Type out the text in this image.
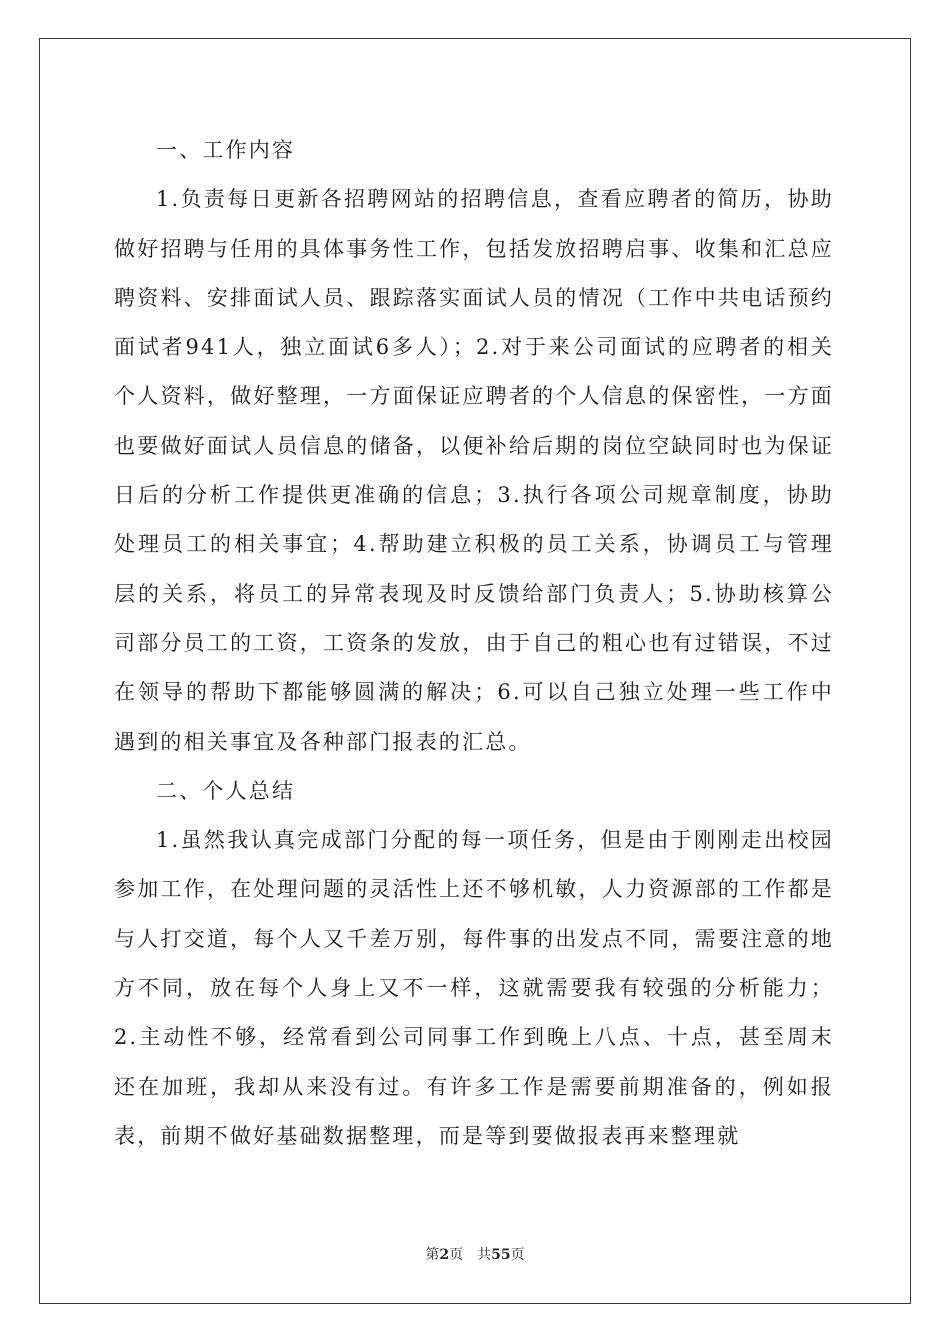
一、工作内容

1.负责每日更新各招聘网站的招聘信息，查看应聘者的简历，协助做好招聘与任用的具体事务性工作，包括发放招聘启事、收集和汇总应聘资料、安排面试人员、跟踪落实面试人员的情况（工作中共电话预约面试者941人，独立面试6多人）；2.对于来公司面试的应聘者的相关个人资料，做好整理，一方面保证应聘者的个人信息的保密性，一方面也要做好面试人员信息的储备，以便补给后期的岗位空缺同时也为保证日后的分析工作提供更准确的信息；3.执行各项公司规章制度，协助处理员工的相关事宜；4.帮助建立积极的员工关系，协调员工与管理层的关系，将员工的异常表现及时反馈给部门负责人；5.协助核算公司部分员工的工资，工资条的发放，由于自己的粗心也有过错误，不过在领导的帮助下都能够圆满的解决；6.可以自己独立处理一些工作中遇到的相关事宜及各种部门报表的汇总。

二、个人总结

1.虽然我认真完成部门分配的每一项任务，但是由于刚刚走出校园参加工作，在处理问题的灵活性上还不够机敏，人力资源部的工作都是与人打交道，每个人又千差万别，每件事的出发点不同，需要注意的地方不同，放在每个人身上又不一样，这就需要我有较强的分析能力；2.主动性不够，经常看到公司同事工作到晚上八点、十点，甚至周末还在加班，我却从来没有过。有许多工作是需要前期准备的，例如报表，前期不做好基础数据整理，而是等到要做报表再来整理就

第2页 共55页
